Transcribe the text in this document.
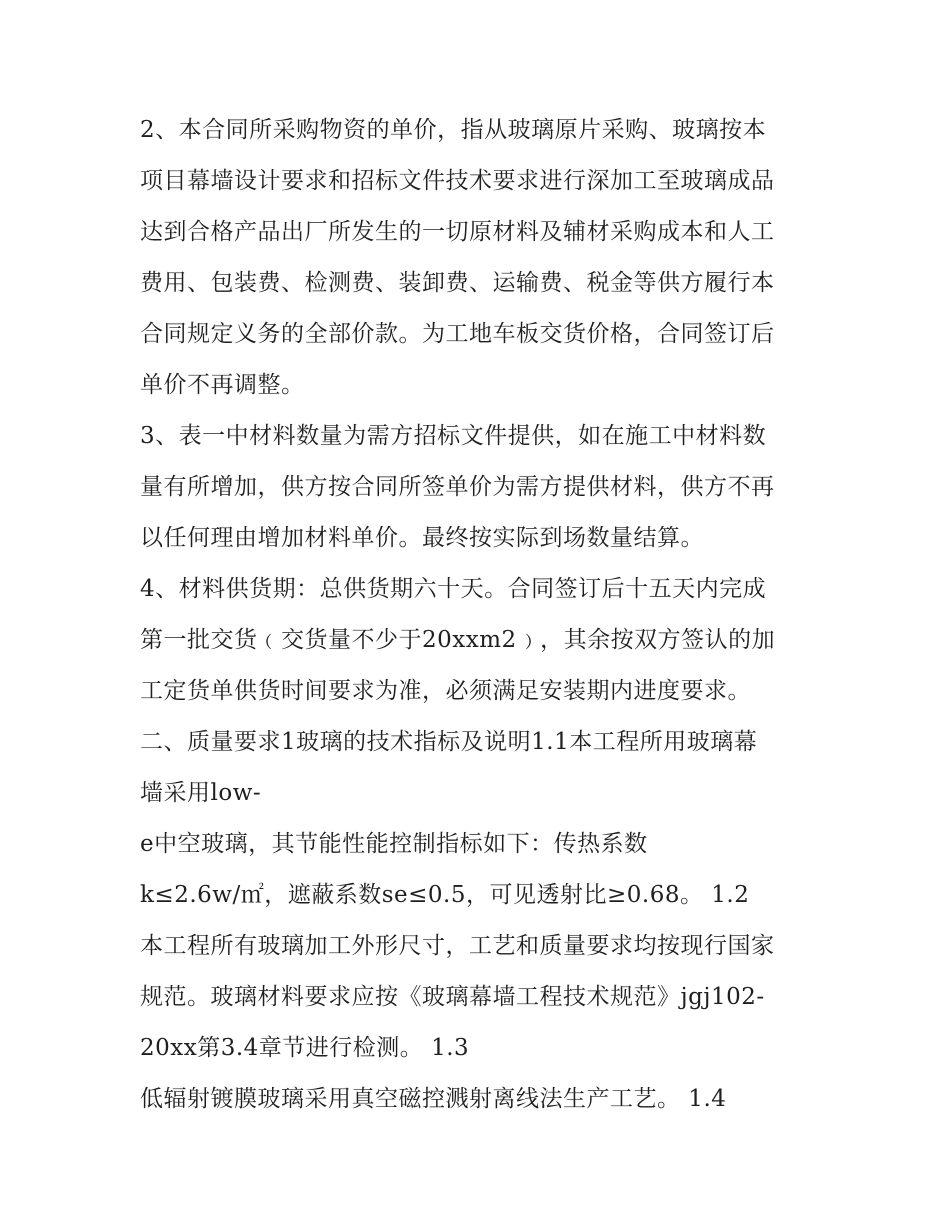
2、本合同所采购物资的单价，指从玻璃原片采购、玻璃按本
项目幕墙设计要求和招标文件技术要求进行深加工至玻璃成品
达到合格产品出厂所发生的一切原材料及辅材采购成本和人工
费用、包装费、检测费、装卸费、运输费、税金等供方履行本
合同规定义务的全部价款。为工地车板交货价格，合同签订后
单价不再调整。
3、表一中材料数量为需方招标文件提供，如在施工中材料数
量有所增加，供方按合同所签单价为需方提供材料，供方不再
以任何理由增加材料单价。最终按实际到场数量结算。
4、材料供货期：总供货期六十天。合同签订后十五天内完成
第一批交货﹙交货量不少于20xxm2﹚，其余按双方签认的加
工定货单供货时间要求为准，必须满足安装期内进度要求。
二、质量要求1玻璃的技术指标及说明1.1本工程所用玻璃幕
墙采用low-
e中空玻璃，其节能性能控制指标如下：传热系数
k≤2.6w/㎡，遮蔽系数se≤0.5，可见透射比≥0.68。 1.2
本工程所有玻璃加工外形尺寸，工艺和质量要求均按现行国家
规范。玻璃材料要求应按《玻璃幕墙工程技术规范》jgj102-
20xx第3.4章节进行检测。 1.3
低辐射镀膜玻璃采用真空磁控溅射离线法生产工艺。 1.4
